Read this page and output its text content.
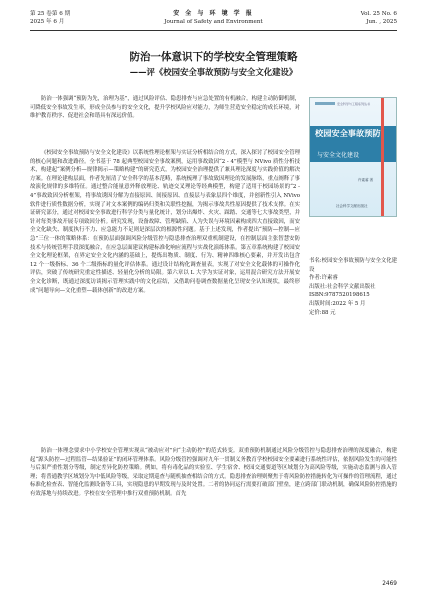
第 25 卷第 6 期
2025 年 6 月
安 全 与 环 境 学 报
Journal of Safety and Environment
Vol. 25 No. 6
Jun. , 2025
防治一体意识下的学校安全管理策略
——评《校园安全事故预防与安全文化建设》

防治一体强调“预防为先，治理为基”，通过风险评估、隐患排查与应急处置的有机融合，构建主动防御机制，可降低安全事故发生率，形成全员参与的安全文化，提升学校风险应对能力，为师生营造安全稳定的成长环境，对维护教育秩序、促进社会和谐具有深远价值。

《校园安全事故预防与安全文化建设》以系统性理论框架与实证分析相结合的方式，深入探讨了校园安全管理的核心问题和改进路径。全书基于 78 起典型校园安全事故案例，运用事故致因“2 - 4”模型与 NVivo 质性分析技术，构建起“案例分析—规律揭示—策略构建”的研究范式，为校园安全治理提供了兼具理论深度与实践价值的解决方案。在理论建构层面，作者先厘清了安全科学的基本范畴，系统梳理了事故致因理论的发展脉络，重点阐释了事故演化规律的多维特征。通过整合能量意外释放理论、轨迹交叉理论等经典模型，构建了适用于校园场景的“2 - 4”事故致因分析框架，将事故诱因分解为直接原因、间接原因、直接层与表象层四个维度，并创新性引入 NVivo 软件进行质性数据分析，实现了对文本案例的编码归类和关联性挖掘，为揭示事故共性原因提供了技术支撑。在实证研究部分，通过对校园安全事故进行科学分类与量化统计，划分出爆炸、火灾、踩踏、交通等七大事故类型，并针对每类事故开展专项致因分析。研究发现，设备故障、管理缺陷、人为失误与环境因素构成四大直接致因，而安全文化缺失、制度执行不力、应急能力不足则是深层次的根源性问题。基于上述发现，作者提出“预防—控制—应急”三位一体的策略体系：在预防层面强调风险分级管控与隐患排查治理双重机制建设，在控制层面主张智慧安防技术与传统管理手段深度融合，在应急层面建议构建标准化响应流程与实战化演练体系。第五章系统构建了校园安全文化理论框架，在界定安全文化内涵的基础上，提炼出物质、制度、行为、精神四维核心要素，并开发出包含 12 个一级指标、36 个二级指标的量化评估体系。通过设计结构化调查量表，实现了对安全文化载体的可操作化评估，突破了传统研究重定性描述、轻量化分析的局限。第六章以 L 大学为实证对象，运用混合研究方法开展安全文化诊断，既通过深度访谈揭示管理实践中的文化症结，又借助问卷调查数据量化呈现安全认知现状，最终形成“问题导向—文化重塑—载体创新”的改进方案。

防治一体理念要求中小学校安全管理实现从“被动应对”向“主动防控”的范式转变。双重预防机制通过风险分级管控与隐患排查治理的深度融合，构建起“源头防控—过程监管—结果验证”的闭环管理体系。风险分级管控强调对九年一贯制义务教育学校校园安全要素进行系统性评估，依据风险发生的可能性与后果严重性划分等级，制定差异化防控策略。例如，将有毒化品的实验室、学生宿舍、校园交通要道等区域划分为高风险等级，实施动态监测与准入管理；将普通教学区域划分为中低风险等级，采取定期巡查与随机抽查相结合的方式。隐患排查治理则聚焦于将风险防控措施转化为可操作的管理流程，通过标准化检查表、智能化监测设备等工具，实现隐患的早期发现与及时处置。二者的协同运行需要打破部门壁垒，建立跨部门联动机制，确保风险防控措施的有效落地与持续改进。学校在安全管理中推行双重预防机制。首先

安全科学与工程系列丛书
校园安全事故预防
与安全文化建设
许素睿 著
社会科学文献出版社
书名:校园安全事故预防与安全文化建设
作者:许素睿
出版社:社会科学文献出版社
ISBN:9787520198615
出版时间:2022 年 5 月
定价:88 元
2469
